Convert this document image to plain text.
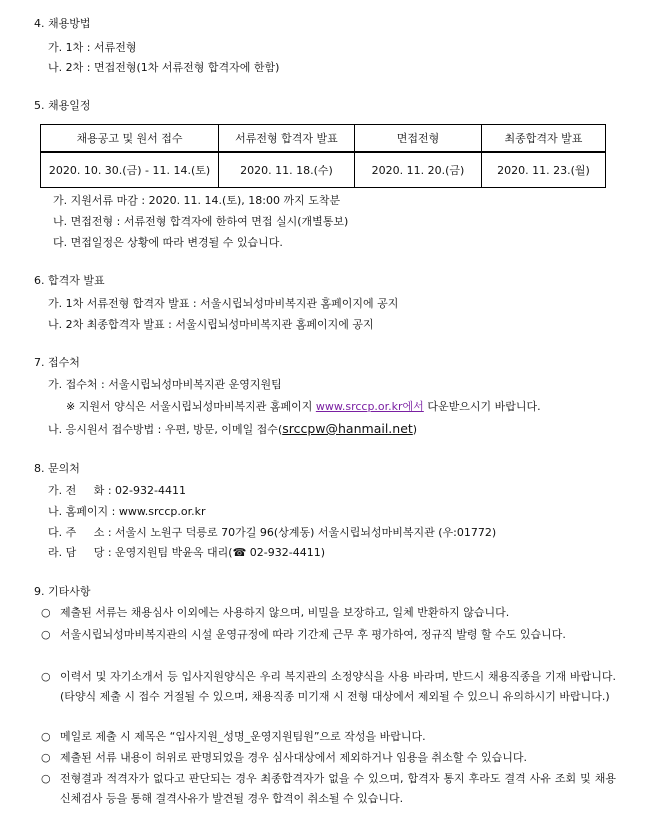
4. 채용방법
가. 1차 : 서류전형
나. 2차 : 면접전형(1차 서류전형 합격자에 한함)
5. 채용일정
채용공고 및 원서 접수	서류전형 합격자 발표	면접전형	최종합격자 발표
2020. 10. 30.(금) - 11. 14.(토)	2020. 11. 18.(수)	2020. 11. 20.(금)	2020. 11. 23.(월)
가. 지원서류 마감 : 2020. 11. 14.(토), 18:00 까지 도착분
나. 면접전형 : 서류전형 합격자에 한하여 면접 실시(개별통보)
다. 면접일정은 상황에 따라 변경될 수 있습니다.
6. 합격자 발표
가. 1차 서류전형 합격자 발표 : 서울시립뇌성마비복지관 홈페이지에 공지
나. 2차 최종합격자 발표 : 서울시립뇌성마비복지관 홈페이지에 공지
7. 접수처
가. 접수처 : 서울시립뇌성마비복지관 운영지원팀
※ 지원서 양식은 서울시립뇌성마비복지관 홈페이지 www.srccp.or.kr에서 다운받으시기 바랍니다.
나. 응시원서 접수방법 : 우편, 방문, 이메일 접수(srccpw@hanmail.net)
8. 문의처
가. 전     화 : 02-932-4411
나. 홈페이지 : www.srccp.or.kr
다. 주     소 : 서울시 노원구 덕릉로 70가길 96(상계동) 서울시립뇌성마비복지관 (우:01772)
라. 담     당 : 운영지원팀 박윤옥 대리(☎ 02-932-4411)
9. 기타사항
○ 제출된 서류는 채용심사 이외에는 사용하지 않으며, 비밀을 보장하고, 일체 반환하지 않습니다.
○ 서울시립뇌성마비복지관의 시설 운영규정에 따라 기간제 근무 후 평가하여, 정규직 발령 할 수도 있습니다.
○ 이력서 및 자기소개서 등 입사지원양식은 우리 복지관의 소정양식을 사용 바라며, 반드시 채용직종을 기재 바랍니다.(타양식 제출 시 접수 거절될 수 있으며, 채용직종 미기재 시 전형 대상에서 제외될 수 있으니 유의하시기 바랍니다.)
○ 메일로 제출 시 제목은 “입사지원_성명_운영지원팀원”으로 작성을 바랍니다.
○ 제출된 서류 내용이 허위로 판명되었을 경우 심사대상에서 제외하거나 임용을 취소할 수 있습니다.
○ 전형결과 적격자가 없다고 판단되는 경우 최종합격자가 없을 수 있으며, 합격자 통지 후라도 결격 사유 조회 및 채용신체검사 등을 통해 결격사유가 발견될 경우 합격이 취소될 수 있습니다.
